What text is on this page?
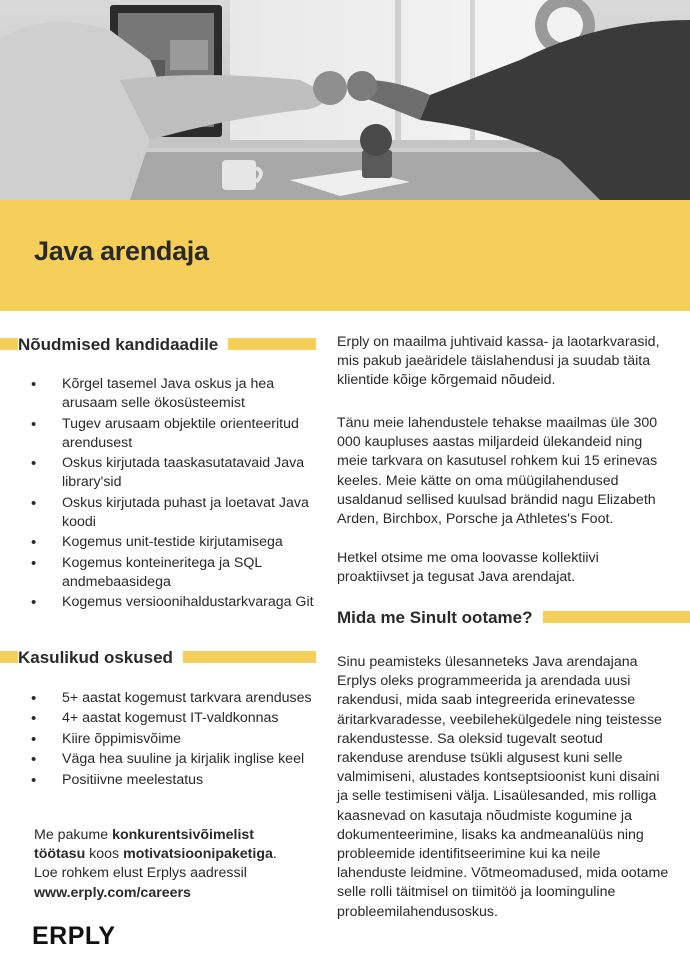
Java arendaja
Nõudmised kandidaadile
• Kõrgel tasemel Java oskus ja hea arusaam selle ökosüsteemist
• Tugev arusaam objektile orienteeritud arendusest
• Oskus kirjutada taaskasutatavaid Java library'sid
• Oskus kirjutada puhast ja loetavat Java koodi
• Kogemus unit-testide kirjutamisega
• Kogemus konteineritega ja SQL andmebaasidega
• Kogemus versioonihaldustarkvaraga Git
Kasulikud oskused
• 5+ aastat kogemust tarkvara arenduses
• 4+ aastat kogemust IT-valdkonnas
• Kiire õppimisvõime
• Väga hea suuline ja kirjalik inglise keel
• Positiivne meelestatus

Me pakume konkurentsivõimelist töötasu koos motivatsioonipaketiga. Loe rohkem elust Erplys aadressil www.erply.com/careers

ERPLY

Erply on maailma juhtivaid kassa- ja laotarkvarasid, mis pakub jaeäridele täislahendusi ja suudab täita klientide kõige kõrgemaid nõudeid.

Tänu meie lahendustele tehakse maailmas üle 300 000 kaupluses aastas miljardeid ülekandeid ning meie tarkvara on kasutusel rohkem kui 15 erinevas keeles. Meie kätte on oma müügilahendused usaldanud sellised kuulsad brändid nagu Elizabeth Arden, Birchbox, Porsche ja Athletes's Foot.

Hetkel otsime me oma loovasse kollektiivi proaktiivset ja tegusat Java arendajat.

Mida me Sinult ootame?

Sinu peamisteks ülesanneteks Java arendajana Erplys oleks programmeerida ja arendada uusi rakendusi, mida saab integreerida erinevatesse äritarkvaradesse, veebilehekülgedele ning teistesse rakendustesse. Sa oleksid tugevalt seotud rakenduse arenduse tsükli algusest kuni selle valmimiseni, alustades kontseptsioonist kuni disaini ja selle testimiseni välja. Lisaülesanded, mis rolliga kaasnevad on kasutaja nõudmiste kogumine ja dokumenteerimine, lisaks ka andmeanalüüs ning probleemide identifitseerimine kui ka neile lahenduste leidmine. Võtmeomadused, mida ootame selle rolli täitmisel on tiimitöö ja loominguline probleemilahendusoskus.
